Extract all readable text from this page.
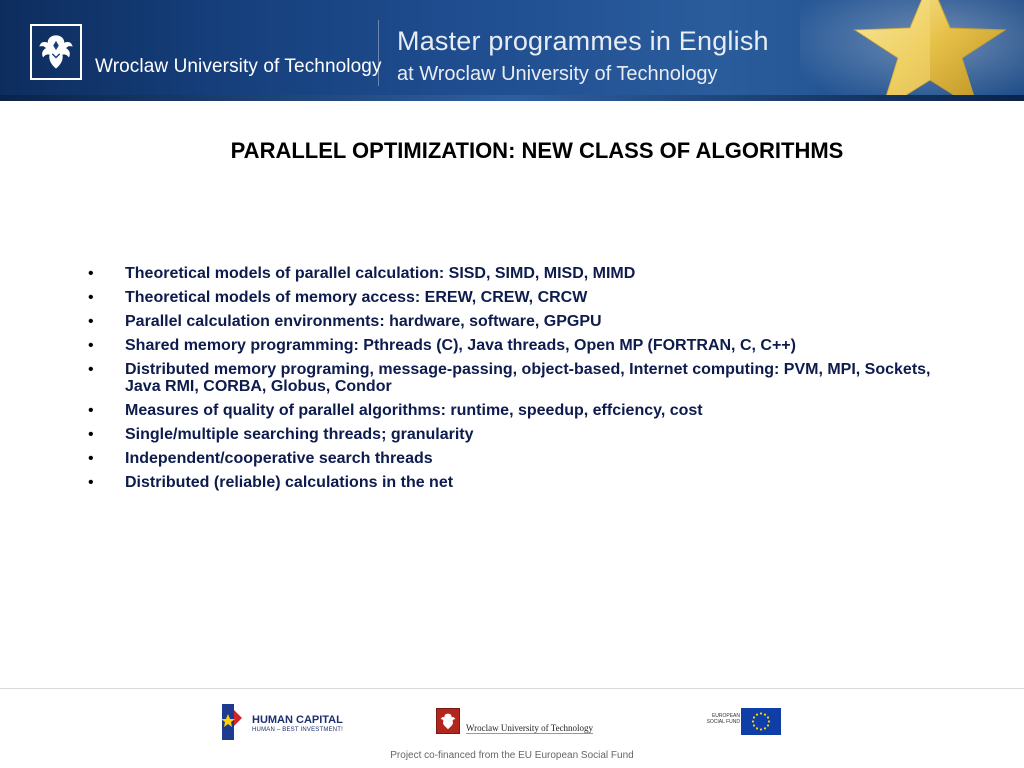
Wroclaw University of Technology
Master programmes in English
at Wroclaw University of Technology
PARALLEL OPTIMIZATION: NEW CLASS OF ALGORITHMS
• Theoretical models of parallel calculation: SISD, SIMD, MISD, MIMD
• Theoretical models of memory access: EREW, CREW, CRCW
• Parallel calculation environments: hardware, software, GPGPU
• Shared memory programming: Pthreads (C), Java threads, Open MP (FORTRAN, C, C++)
• Distributed memory programing, message-passing, object-based, Internet computing: PVM, MPI, Sockets, Java RMI, CORBA, Globus, Condor
• Measures of quality of parallel algorithms: runtime, speedup, effciency, cost
• Single/multiple searching threads; granularity
• Independent/cooperative search threads
• Distributed (reliable) calculations in the net
HUMAN CAPITAL
HUMAN – BEST INVESTMENT!	Wroclaw University of Technology
EUROPEAN SOCIAL FUND
Project co-financed from the EU European Social Fund
